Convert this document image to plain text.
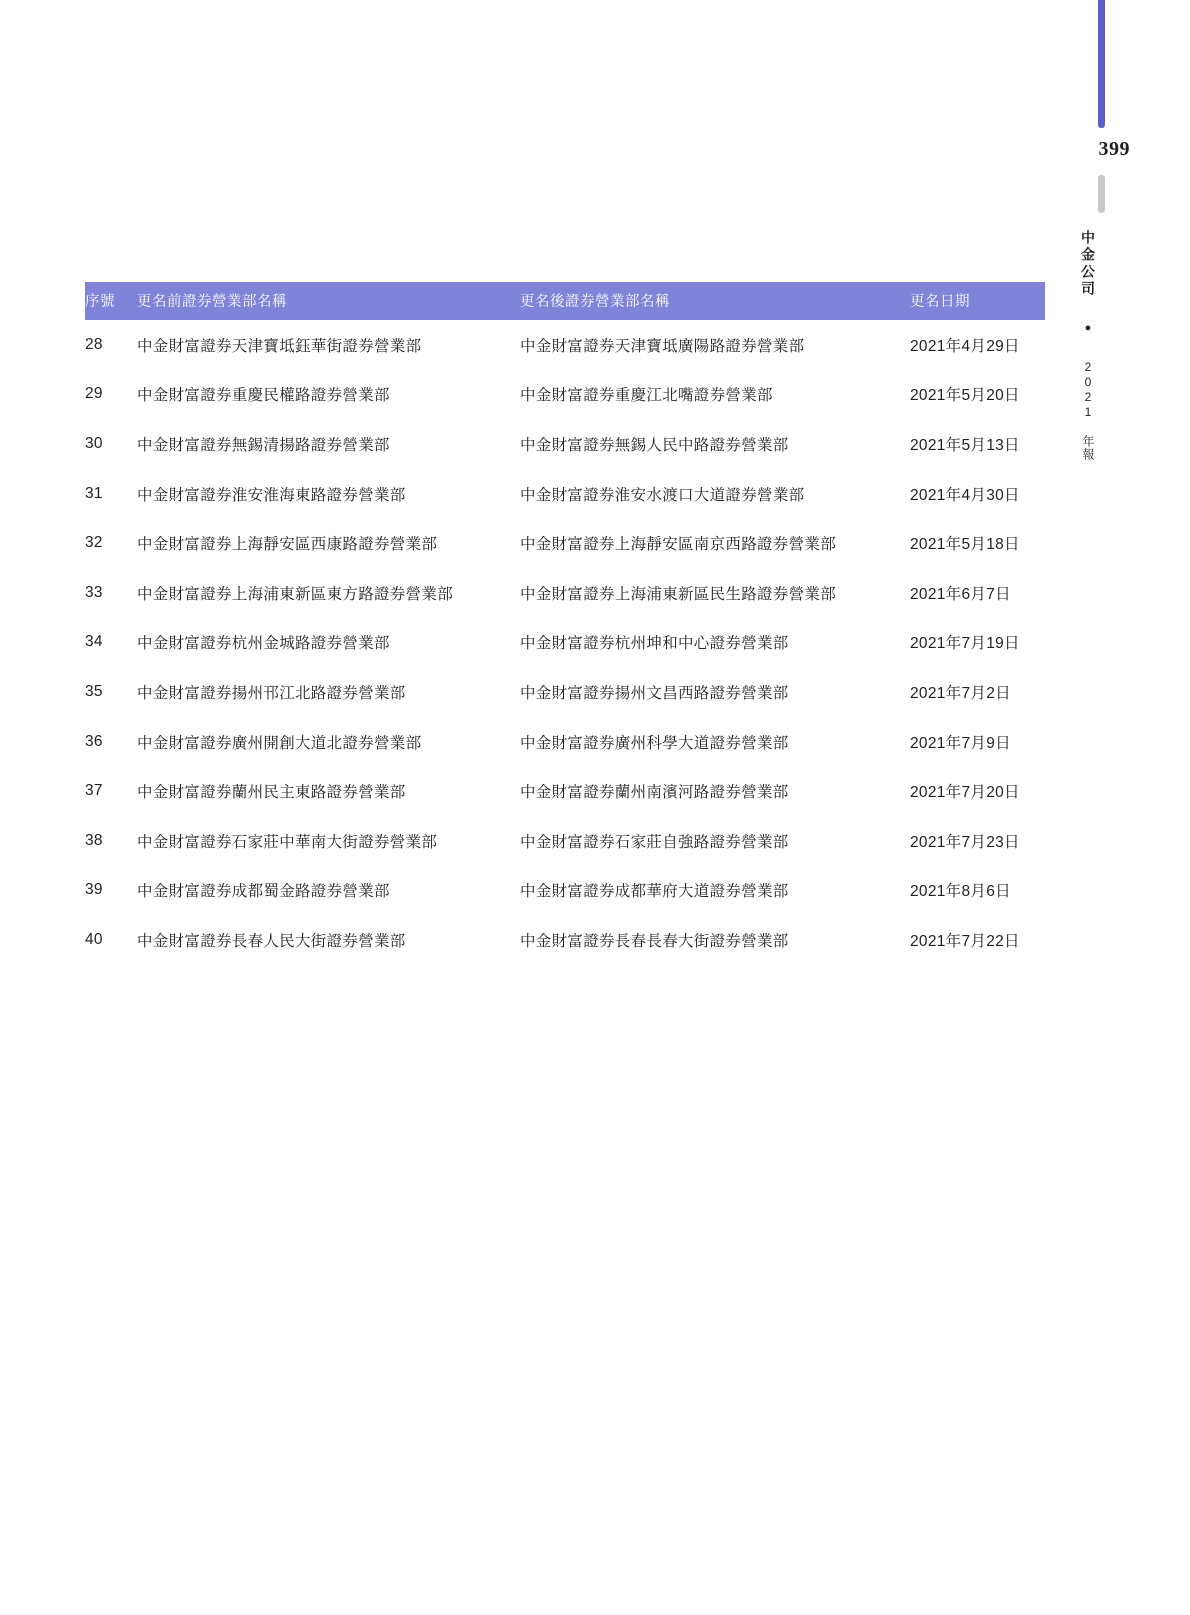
399
中金公司 ● 2021 年報
序號	更名前證券營業部名稱	更名後證券營業部名稱	更名日期
28	中金財富證券天津寶坻鈺華街證券營業部	中金財富證券天津寶坻廣陽路證券營業部	2021年4月29日
29	中金財富證券重慶民權路證券營業部	中金財富證券重慶江北嘴證券營業部	2021年5月20日
30	中金財富證券無錫清揚路證券營業部	中金財富證券無錫人民中路證券營業部	2021年5月13日
31	中金財富證券淮安淮海東路證券營業部	中金財富證券淮安水渡口大道證券營業部	2021年4月30日
32	中金財富證券上海靜安區西康路證券營業部	中金財富證券上海靜安區南京西路證券營業部	2021年5月18日
33	中金財富證券上海浦東新區東方路證券營業部	中金財富證券上海浦東新區民生路證券營業部	2021年6月7日
34	中金財富證券杭州金城路證券營業部	中金財富證券杭州坤和中心證券營業部	2021年7月19日
35	中金財富證券揚州邗江北路證券營業部	中金財富證券揚州文昌西路證券營業部	2021年7月2日
36	中金財富證券廣州開創大道北證券營業部	中金財富證券廣州科學大道證券營業部	2021年7月9日
37	中金財富證券蘭州民主東路證券營業部	中金財富證券蘭州南濱河路證券營業部	2021年7月20日
38	中金財富證券石家莊中華南大街證券營業部	中金財富證券石家莊自強路證券營業部	2021年7月23日
39	中金財富證券成都蜀金路證券營業部	中金財富證券成都華府大道證券營業部	2021年8月6日
40	中金財富證券長春人民大街證券營業部	中金財富證券長春長春大街證券營業部	2021年7月22日
